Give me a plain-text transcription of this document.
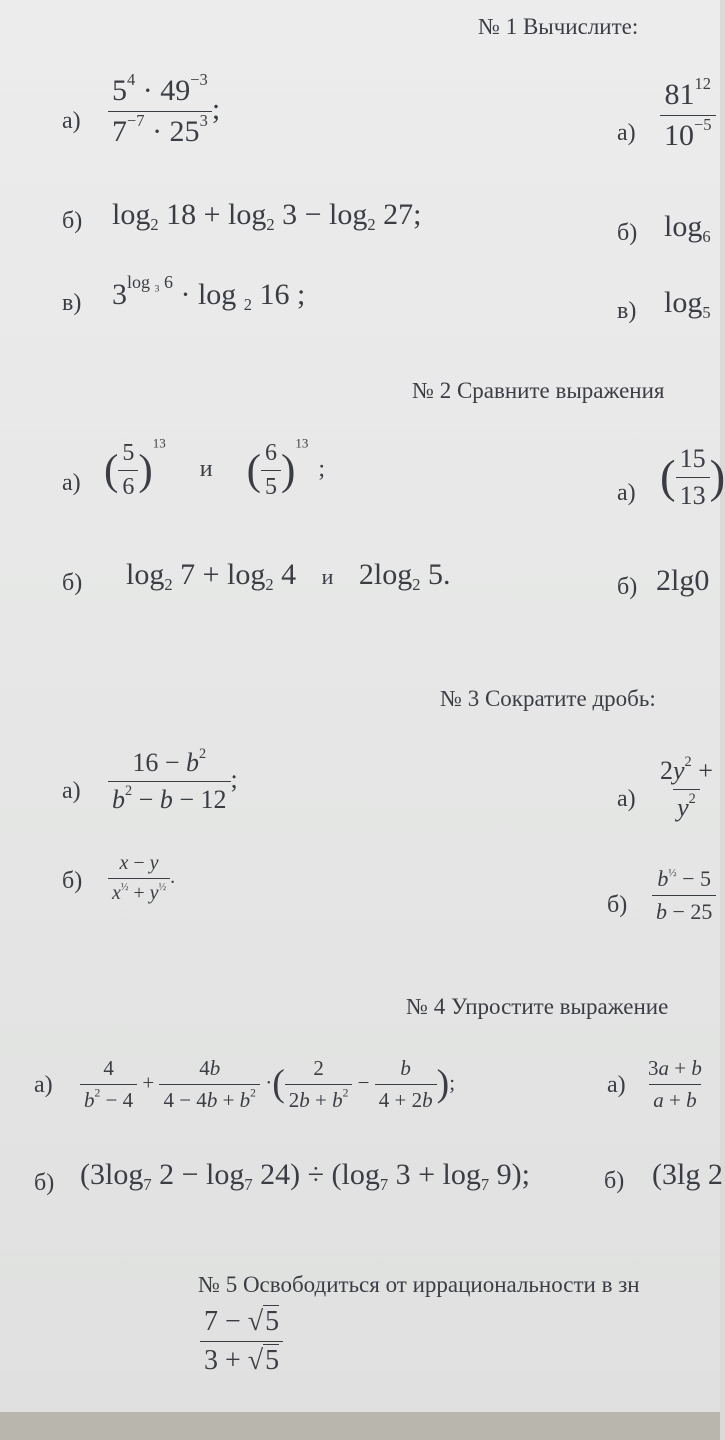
№ 1 Вычислите:
$а) \frac{5^4 \cdot 49^{-3}}{7^{-7} \cdot 25^3}$ ;
б) $\log_2 18 + \log_2 3 - \log_2 27$;
в) $3^{log _3 6} \cdot \log _2$ 16 ;
$а) \frac{81^{12}}{10^{-5}}$
б) $\log_6$
в) $\log_5$
№ 2 Сравните выражения
а) ( $\frac{5}{6} )^{13}$ и ( $\frac{6}{5} )^{13}$;
а) ( $\frac{15}{13}$ )
б) $\log_2 7 + \log_2 4$ и $2\log_2$ 5.	б) 2lg0
№ 3 Сократите дробь:
$а) \frac{16 - b^2}{b^2 - b - 12}$ ;
$б) \frac{x - y}{x^{\frac{1}{2}} + y^{\frac{1}{2}}}$ .
$а) \frac{2y^2 +}{y^2}$
$б) \frac{b^{\frac{1}{2}} - 5}{b - 25}$
№ 4 Упростите выражение
$а) \frac{4}{b^2 - 4} + \frac{4b}{4 - 4b + b^2}$ ·( $\frac{2}{2b + b^2} - \frac{b}{4 + 2b}$ );	$а) \frac{3a + b}{a + b}$
б) ($3\log_7$ $2 - \log_7 24) \div (\log_7$ $3 + \log_7 9$);	б) (3lg 2
№ 5 Освободиться от иррациональности в зн
$\frac{7 - √5}{3 + √5}$
